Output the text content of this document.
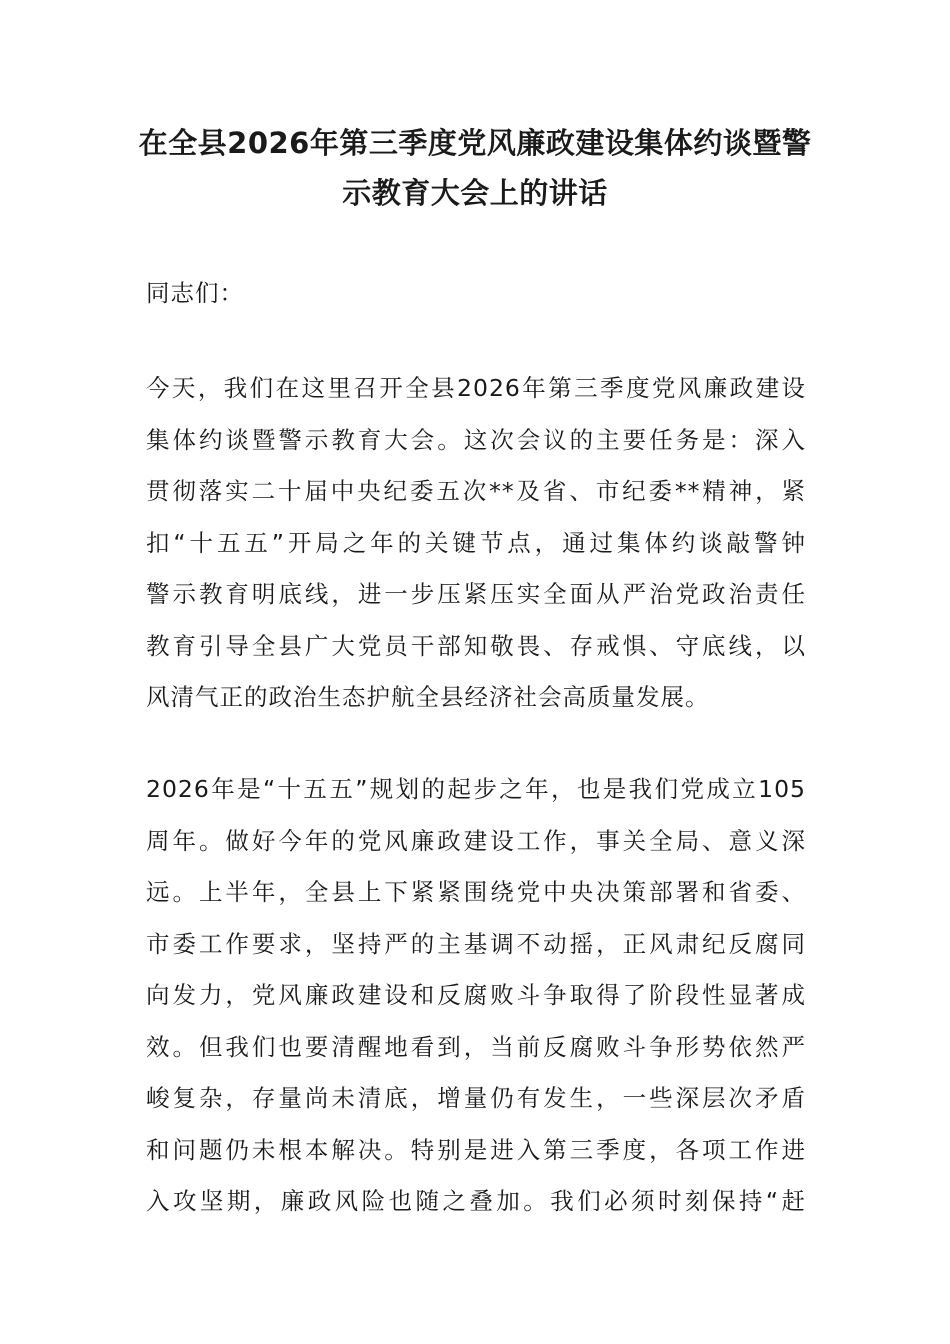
在全县2026年第三季度党风廉政建设集体约谈暨警
示教育大会上的讲话
同志们：
今天，我们在这里召开全县2026年第三季度党风廉政建设
集体约谈暨警示教育大会。这次会议的主要任务是：深入
贯彻落实二十届中央纪委五次**及省、市纪委**精神，紧
扣“十五五”开局之年的关键节点，通过集体约谈敲警钟
警示教育明底线，进一步压紧压实全面从严治党政治责任
教育引导全县广大党员干部知敬畏、存戒惧、守底线，以
风清气正的政治生态护航全县经济社会高质量发展。
2026年是“十五五”规划的起步之年，也是我们党成立105
周年。做好今年的党风廉政建设工作，事关全局、意义深
远。上半年，全县上下紧紧围绕党中央决策部署和省委、
市委工作要求，坚持严的主基调不动摇，正风肃纪反腐同
向发力，党风廉政建设和反腐败斗争取得了阶段性显著成
效。但我们也要清醒地看到，当前反腐败斗争形势依然严
峻复杂，存量尚未清底，增量仍有发生，一些深层次矛盾
和问题仍未根本解决。特别是进入第三季度，各项工作进
入攻坚期，廉政风险也随之叠加。我们必须时刻保持“赶
